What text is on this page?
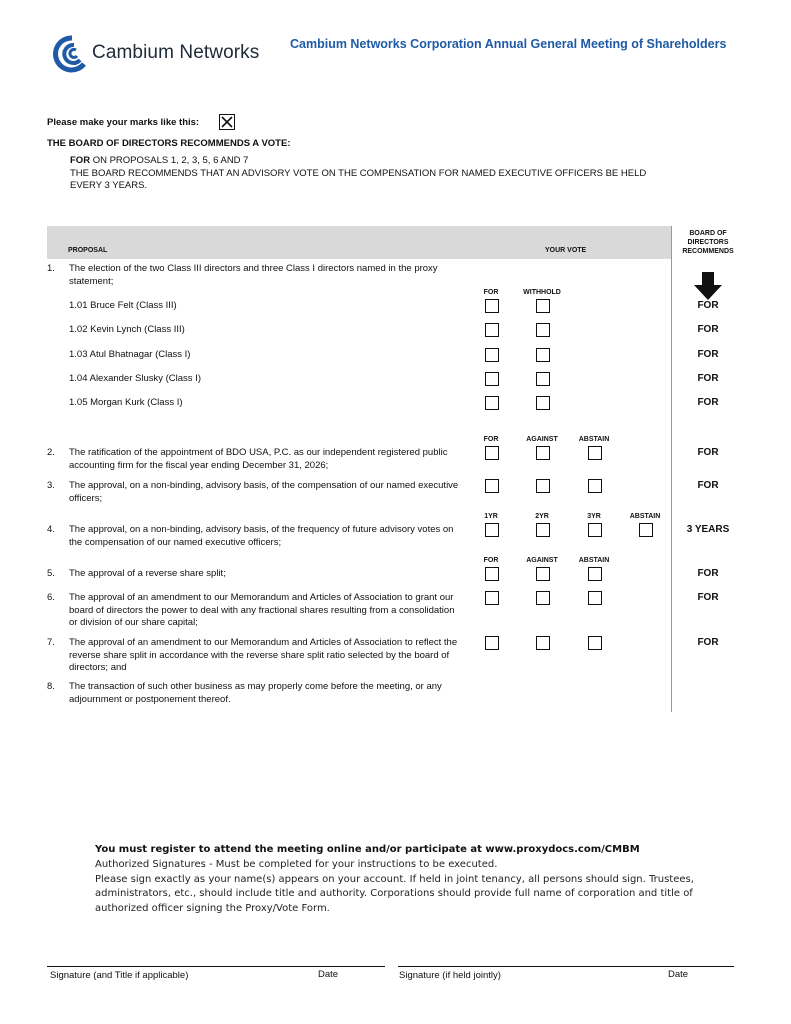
Cambium Networks Cambium Networks Corporation Annual General Meeting of Shareholders
Please make your marks like this:
THE BOARD OF DIRECTORS RECOMMENDS A VOTE:
FOR ON PROPOSALS 1, 2, 3, 5, 6 AND 7
THE BOARD RECOMMENDS THAT AN ADVISORY VOTE ON THE COMPENSATION FOR NAMED EXECUTIVE OFFICERS BE HELD EVERY 3 YEARS.
PROPOSAL	YOUR VOTE
BOARD OF DIRECTORS RECOMMENDS
1. The election of the two Class III directors and three Class I directors named in the proxy statement;
FOR	WITHHOLD
1.01 Bruce Felt (Class III)	FOR
1.02 Kevin Lynch (Class III)	FOR
1.03 Atul Bhatnagar (Class I)	FOR
1.04 Alexander Slusky (Class I)	FOR
1.05 Morgan Kurk (Class I)	FOR
FOR	AGAINST	ABSTAIN
2. The ratification of the appointment of BDO USA, P.C. as our independent registered public accounting firm for the fiscal year ending December 31, 2026;
FOR
3. The approval, on a non-binding, advisory basis, of the compensation of our named executive officers;
FOR
1YR	2YR	3YR	ABSTAIN
4. The approval, on a non-binding, advisory basis, of the frequency of future advisory votes on the compensation of our named executive officers;
3 YEARS
FOR	AGAINST	ABSTAIN
5. The approval of a reverse share split;	FOR
6. The approval of an amendment to our Memorandum and Articles of Association to grant our board of directors the power to deal with any fractional shares resulting from a consolidation or division of our share capital;
FOR
7. The approval of an amendment to our Memorandum and Articles of Association to reflect the reverse share split in accordance with the reverse share split ratio selected by the board of directors; and
FOR
8. The transaction of such other business as may properly come before the meeting, or any adjournment or postponement thereof.
You must register to attend the meeting online and/or participate at www.proxydocs.com/CMBM
Authorized Signatures - Must be completed for your instructions to be executed.
Please sign exactly as your name(s) appears on your account. If held in joint tenancy, all persons should sign. Trustees, administrators, etc., should include title and authority. Corporations should provide full name of corporation and title of authorized officer signing the Proxy/Vote Form.
Signature (and Title if applicable)	Date	Signature (if held jointly)	Date
